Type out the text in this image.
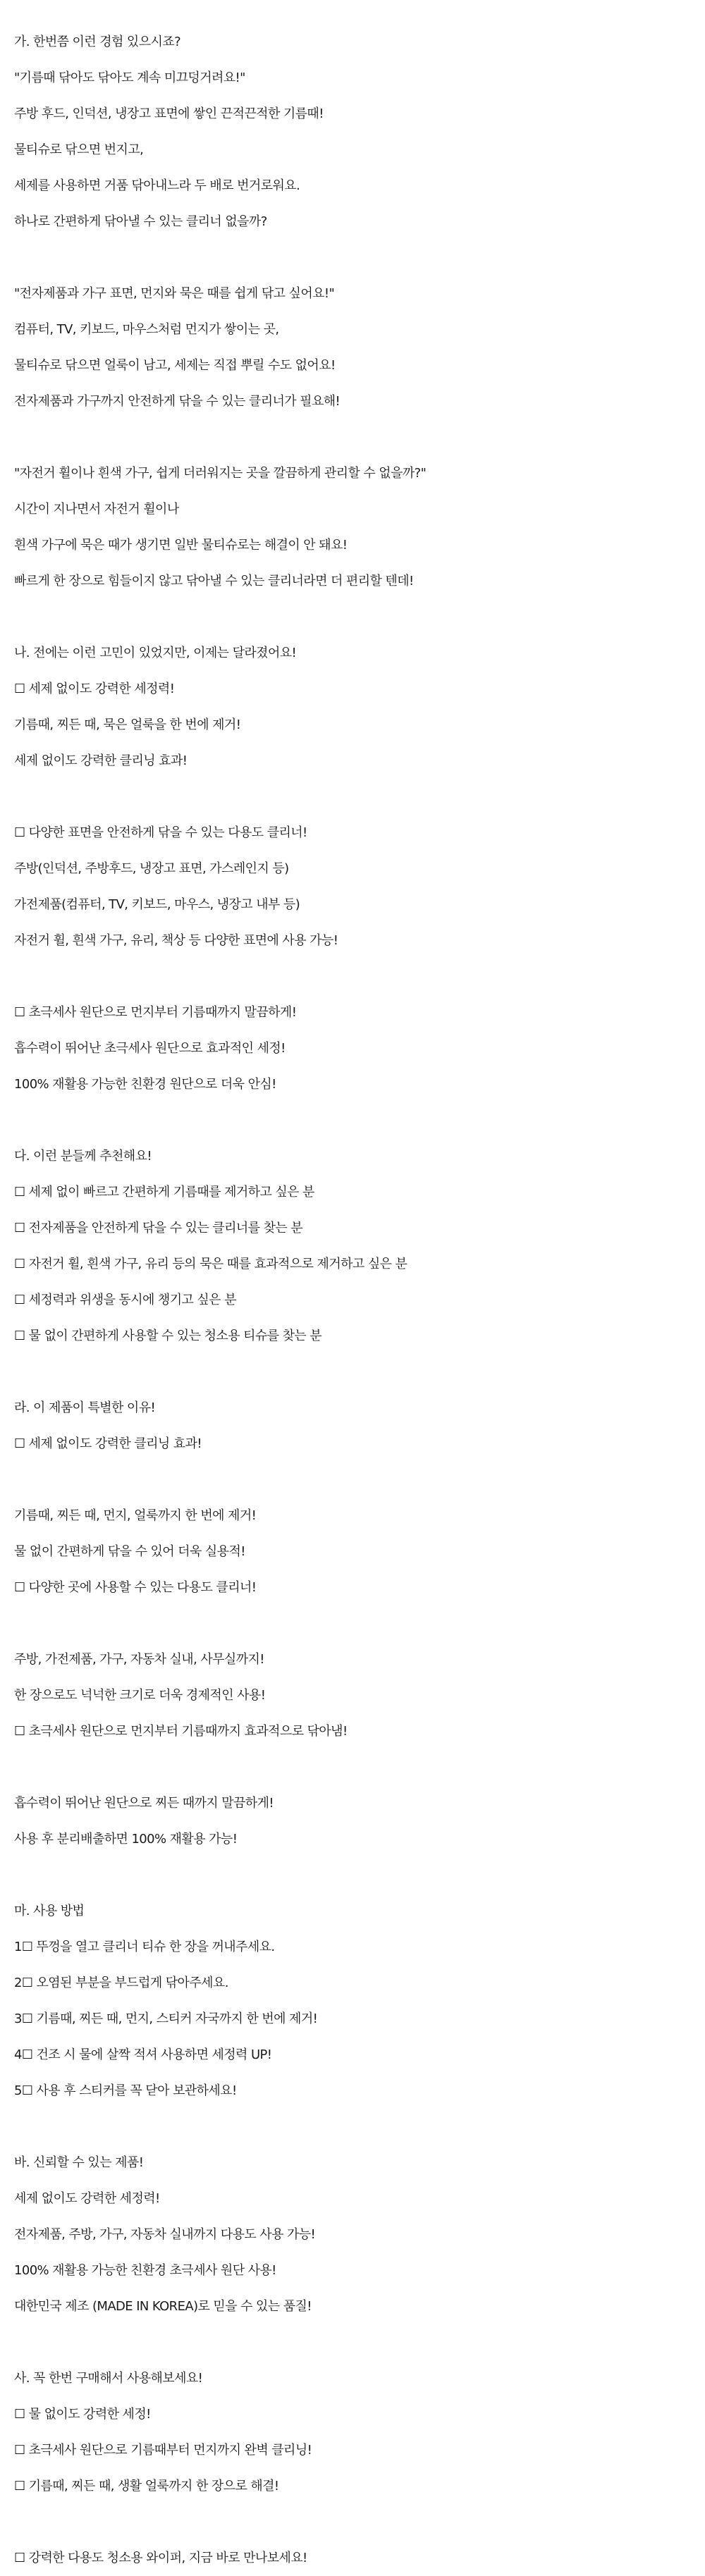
가. 한번쯤 이런 경험 있으시죠?
"기름때 닦아도 닦아도 계속 미끄덩거려요!"
주방 후드, 인덕션, 냉장고 표면에 쌓인 끈적끈적한 기름때!
물티슈로 닦으면 번지고,
세제를 사용하면 거품 닦아내느라 두 배로 번거로워요.
하나로 간편하게 닦아낼 수 있는 클리너 없을까?
"전자제품과 가구 표면, 먼지와 묵은 때를 쉽게 닦고 싶어요!"
컴퓨터, TV, 키보드, 마우스처럼 먼지가 쌓이는 곳,
물티슈로 닦으면 얼룩이 남고, 세제는 직접 뿌릴 수도 없어요!
전자제품과 가구까지 안전하게 닦을 수 있는 클리너가 필요해!
"자전거 휠이나 흰색 가구, 쉽게 더러워지는 곳을 깔끔하게 관리할 수 없을까?"
시간이 지나면서 자전거 휠이나
흰색 가구에 묵은 때가 생기면 일반 물티슈로는 해결이 안 돼요!
빠르게 한 장으로 힘들이지 않고 닦아낼 수 있는 클리너라면 더 편리할 텐데!
나. 전에는 이런 고민이 있었지만, 이제는 달라졌어요!
☐ 세제 없이도 강력한 세정력!
기름때, 찌든 때, 묵은 얼룩을 한 번에 제거!
세제 없이도 강력한 클리닝 효과!
☐ 다양한 표면을 안전하게 닦을 수 있는 다용도 클리너!
주방(인덕션, 주방후드, 냉장고 표면, 가스레인지 등)
가전제품(컴퓨터, TV, 키보드, 마우스, 냉장고 내부 등)
자전거 휠, 흰색 가구, 유리, 책상 등 다양한 표면에 사용 가능!
☐ 초극세사 원단으로 먼지부터 기름때까지 말끔하게!
흡수력이 뛰어난 초극세사 원단으로 효과적인 세정!
100% 재활용 가능한 친환경 원단으로 더욱 안심!
다. 이런 분들께 추천해요!
☐ 세제 없이 빠르고 간편하게 기름때를 제거하고 싶은 분
☐ 전자제품을 안전하게 닦을 수 있는 클리너를 찾는 분
☐ 자전거 휠, 흰색 가구, 유리 등의 묵은 때를 효과적으로 제거하고 싶은 분
☐ 세정력과 위생을 동시에 챙기고 싶은 분
☐ 물 없이 간편하게 사용할 수 있는 청소용 티슈를 찾는 분
라. 이 제품이 특별한 이유!
☐ 세제 없이도 강력한 클리닝 효과!
기름때, 찌든 때, 먼지, 얼룩까지 한 번에 제거!
물 없이 간편하게 닦을 수 있어 더욱 실용적!
☐ 다양한 곳에 사용할 수 있는 다용도 클리너!
주방, 가전제품, 가구, 자동차 실내, 사무실까지!
한 장으로도 넉넉한 크기로 더욱 경제적인 사용!
☐ 초극세사 원단으로 먼지부터 기름때까지 효과적으로 닦아냄!
흡수력이 뛰어난 원단으로 찌든 때까지 말끔하게!
사용 후 분리배출하면 100% 재활용 가능!
마. 사용 방법
1☐ 뚜껑을 열고 클리너 티슈 한 장을 꺼내주세요.
2☐ 오염된 부분을 부드럽게 닦아주세요.
3☐ 기름때, 찌든 때, 먼지, 스티커 자국까지 한 번에 제거!
4☐ 건조 시 물에 살짝 적셔 사용하면 세정력 UP!
5☐ 사용 후 스티커를 꼭 닫아 보관하세요!
바. 신뢰할 수 있는 제품!
세제 없이도 강력한 세정력!
전자제품, 주방, 가구, 자동차 실내까지 다용도 사용 가능!
100% 재활용 가능한 친환경 초극세사 원단 사용!
대한민국 제조 (MADE IN KOREA)로 믿을 수 있는 품질!
사. 꼭 한번 구매해서 사용해보세요!
☐ 물 없이도 강력한 세정!
☐ 초극세사 원단으로 기름때부터 먼지까지 완벽 클리닝!
☐ 기름때, 찌든 때, 생활 얼룩까지 한 장으로 해결!
☐ 강력한 다용도 청소용 와이퍼, 지금 바로 만나보세요!
